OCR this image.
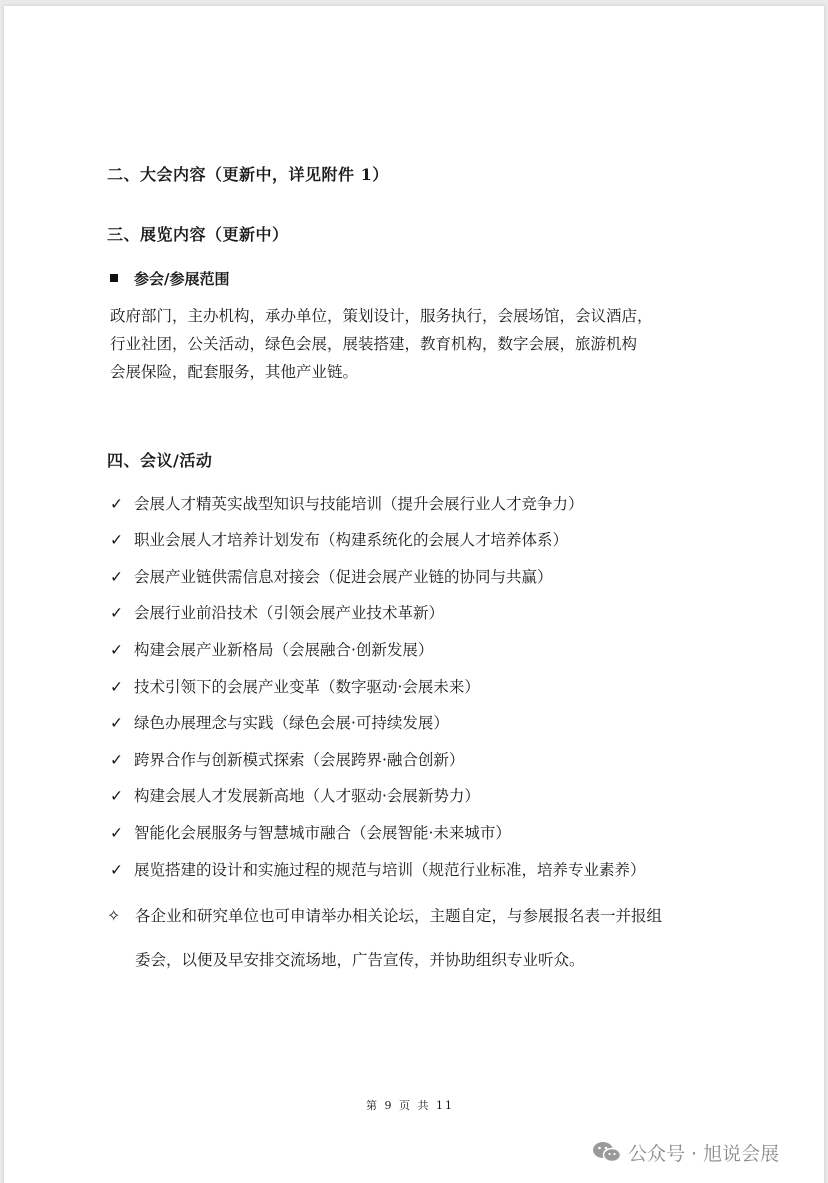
二、大会内容（更新中，详见附件 1）
三、展览内容（更新中）
参会/参展范围
政府部门，主办机构，承办单位，策划设计，服务执行，会展场馆，会议酒店，
行业社团，公关活动，绿色会展，展装搭建，教育机构，数字会展，旅游机构
会展保险，配套服务，其他产业链。
四、会议/活动
✓ 会展人才精英实战型知识与技能培训（提升会展行业人才竞争力）
✓ 职业会展人才培养计划发布（构建系统化的会展人才培养体系）
✓ 会展产业链供需信息对接会（促进会展产业链的协同与共赢）
✓ 会展行业前沿技术（引领会展产业技术革新）
✓ 构建会展产业新格局（会展融合·创新发展）
✓ 技术引领下的会展产业变革（数字驱动·会展未来）
✓ 绿色办展理念与实践（绿色会展·可持续发展）
✓ 跨界合作与创新模式探索（会展跨界·融合创新）
✓ 构建会展人才发展新高地（人才驱动·会展新势力）
✓ 智能化会展服务与智慧城市融合（会展智能·未来城市）
✓ 展览搭建的设计和实施过程的规范与培训（规范行业标准，培养专业素养）
✧ 各企业和研究单位也可申请举办相关论坛，主题自定，与参展报名表一并报组
委会，以便及早安排交流场地，广告宣传，并协助组织专业听众。
第 9 页 共 11
公众号 · 旭说会展
